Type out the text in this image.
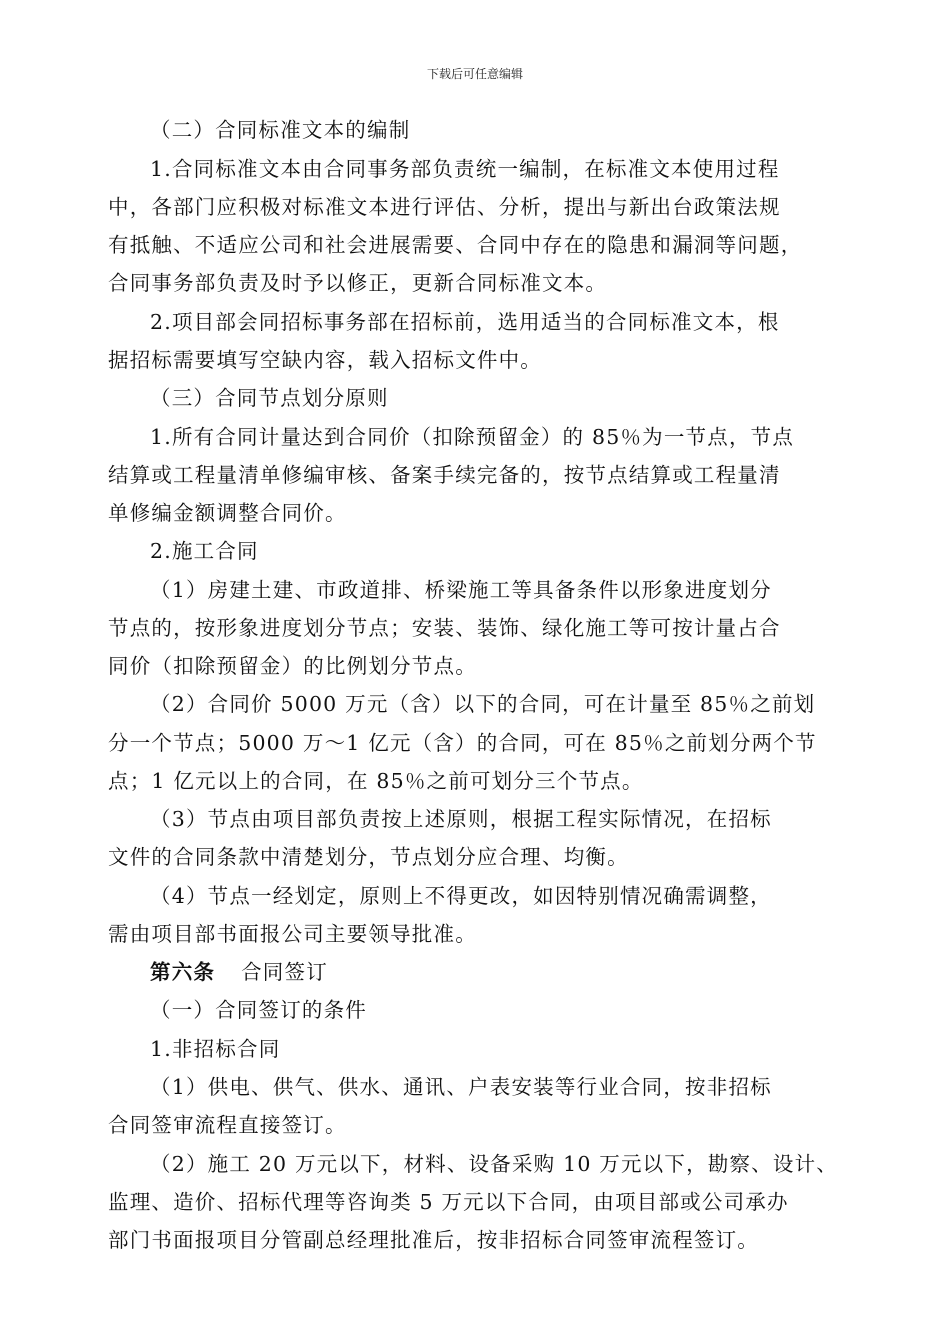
下载后可任意编辑
（二）合同标准文本的编制
1.合同标准文本由合同事务部负责统一编制，在标准文本使用过程
中，各部门应积极对标准文本进行评估、分析，提出与新出台政策法规
有抵触、不适应公司和社会进展需要、合同中存在的隐患和漏洞等问题，
合同事务部负责及时予以修正，更新合同标准文本。
2.项目部会同招标事务部在招标前，选用适当的合同标准文本，根
据招标需要填写空缺内容，载入招标文件中。
（三）合同节点划分原则
1.所有合同计量达到合同价（扣除预留金）的 85％为一节点，节点
结算或工程量清单修编审核、备案手续完备的，按节点结算或工程量清
单修编金额调整合同价。
2.施工合同
（1）房建土建、市政道排、桥梁施工等具备条件以形象进度划分
节点的，按形象进度划分节点；安装、装饰、绿化施工等可按计量占合
同价（扣除预留金）的比例划分节点。
（2）合同价 5000 万元（含）以下的合同，可在计量至 85％之前划
分一个节点；5000 万～1 亿元（含）的合同，可在 85％之前划分两个节
点；1 亿元以上的合同，在 85％之前可划分三个节点。
（3）节点由项目部负责按上述原则，根据工程实际情况，在招标
文件的合同条款中清楚划分，节点划分应合理、均衡。
（4）节点一经划定，原则上不得更改，如因特别情况确需调整，
需由项目部书面报公司主要领导批准。
第六条 合同签订
（一）合同签订的条件
1.非招标合同
（1）供电、供气、供水、通讯、户表安装等行业合同，按非招标
合同签审流程直接签订。
（2）施工 20 万元以下，材料、设备采购 10 万元以下，勘察、设计、
监理、造价、招标代理等咨询类 5 万元以下合同，由项目部或公司承办
部门书面报项目分管副总经理批准后，按非招标合同签审流程签订。
